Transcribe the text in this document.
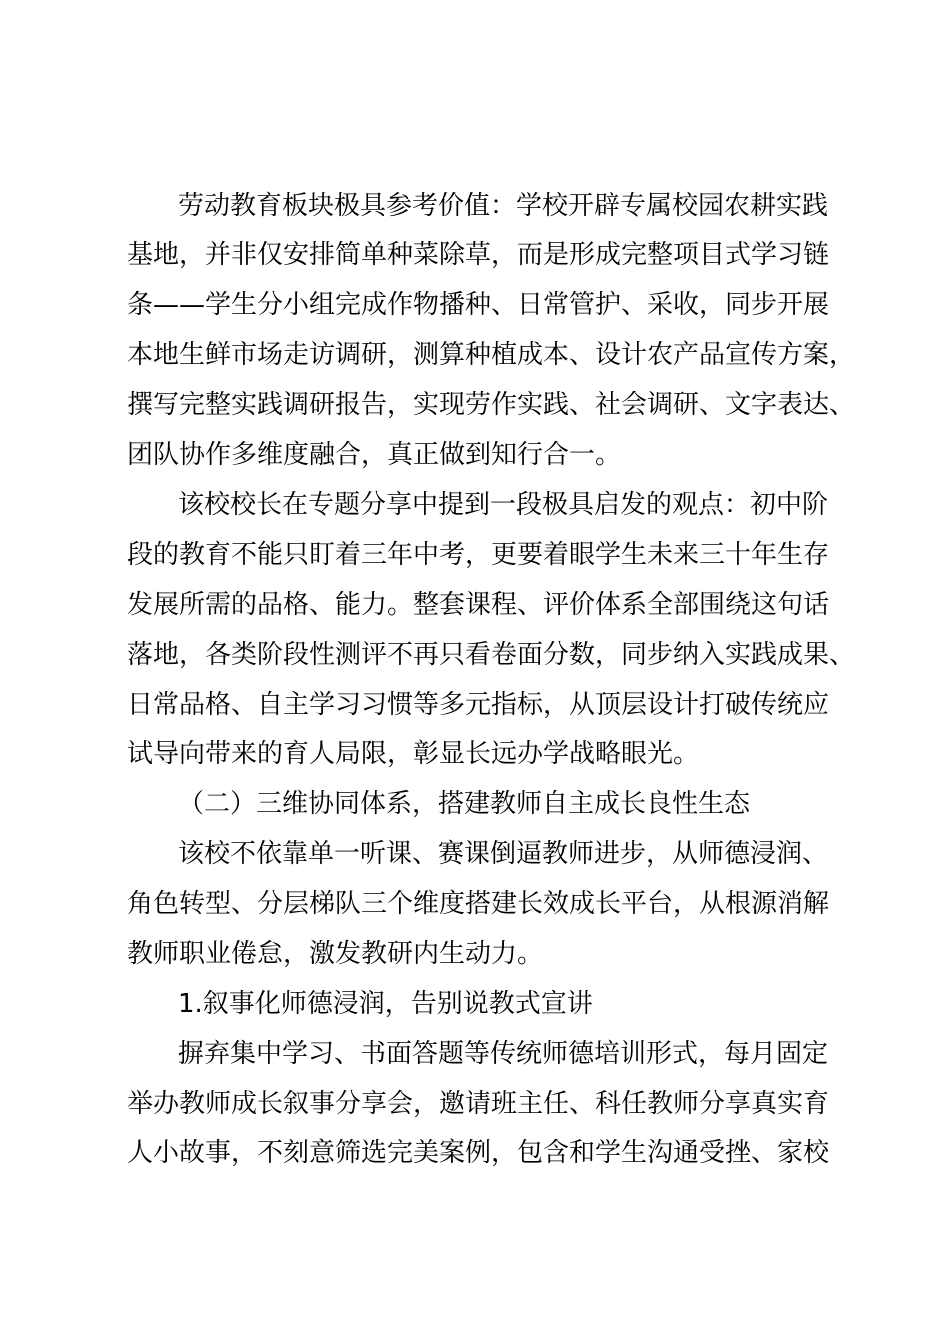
劳动教育板块极具参考价值：学校开辟专属校园农耕实践
基地，并非仅安排简单种菜除草，而是形成完整项目式学习链
条——学生分小组完成作物播种、日常管护、采收，同步开展
本地生鲜市场走访调研，测算种植成本、设计农产品宣传方案，
撰写完整实践调研报告，实现劳作实践、社会调研、文字表达、
团队协作多维度融合，真正做到知行合一。
该校校长在专题分享中提到一段极具启发的观点：初中阶
段的教育不能只盯着三年中考，更要着眼学生未来三十年生存
发展所需的品格、能力。整套课程、评价体系全部围绕这句话
落地，各类阶段性测评不再只看卷面分数，同步纳入实践成果、
日常品格、自主学习习惯等多元指标，从顶层设计打破传统应
试导向带来的育人局限，彰显长远办学战略眼光。
（二）三维协同体系，搭建教师自主成长良性生态
该校不依靠单一听课、赛课倒逼教师进步，从师德浸润、
角色转型、分层梯队三个维度搭建长效成长平台，从根源消解
教师职业倦怠，激发教研内生动力。
1.叙事化师德浸润，告别说教式宣讲
摒弃集中学习、书面答题等传统师德培训形式，每月固定
举办教师成长叙事分享会，邀请班主任、科任教师分享真实育
人小故事，不刻意筛选完美案例，包含和学生沟通受挫、家校
